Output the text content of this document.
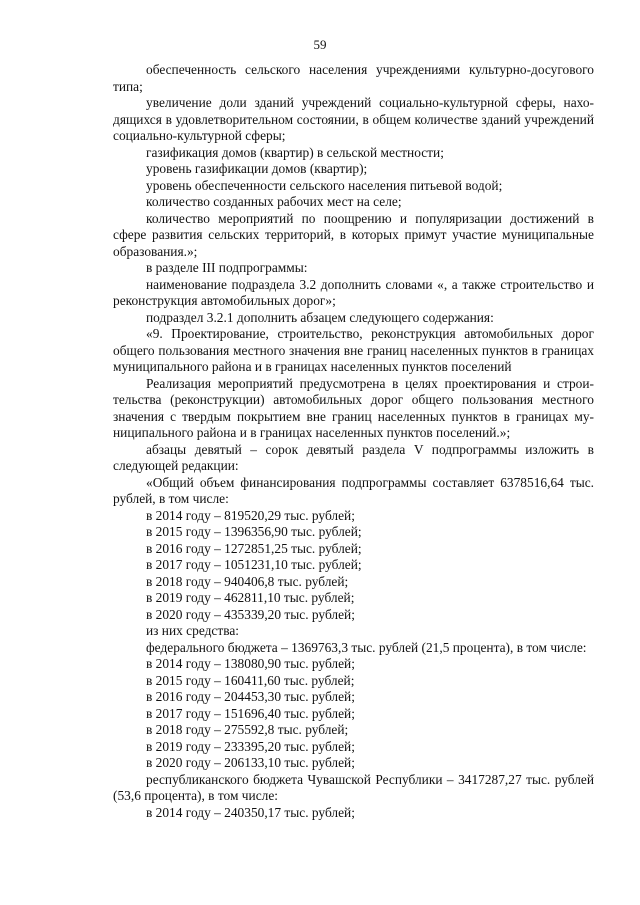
59

обеспеченность сельского населения учреждениями культурно-досугового типа;

увеличение доли зданий учреждений социально-культурной сферы, находящихся в удовлетворительном состоянии, в общем количестве зданий учреждений социально-культурной сферы;

газификация домов (квартир) в сельской местности;

уровень газификации домов (квартир);

уровень обеспеченности сельского населения питьевой водой;

количество созданных рабочих мест на селе;

количество мероприятий по поощрению и популяризации достижений в сфере развития сельских территорий, в которых примут участие муниципальные образования.»;

в разделе III подпрограммы:

наименование подраздела 3.2 дополнить словами «, а также строительство и реконструкция автомобильных дорог»;

подраздел 3.2.1 дополнить абзацем следующего содержания:

«9. Проектирование, строительство, реконструкция автомобильных дорог общего пользования местного значения вне границ населенных пунктов в границах муниципального района и в границах населенных пунктов поселений

Реализация мероприятий предусмотрена в целях проектирования и строительства (реконструкции) автомобильных дорог общего пользования местного значения с твердым покрытием вне границ населенных пунктов в границах муниципального района и в границах населенных пунктов поселений.»;

абзацы девятый – сорок девятый раздела V подпрограммы изложить в следующей редакции:

«Общий объем финансирования подпрограммы составляет 6378516,64 тыс. рублей, в том числе:

в 2014 году – 819520,29 тыс. рублей;

в 2015 году – 1396356,90 тыс. рублей;

в 2016 году – 1272851,25 тыс. рублей;

в 2017 году – 1051231,10 тыс. рублей;

в 2018 году – 940406,8 тыс. рублей;

в 2019 году – 462811,10 тыс. рублей;

в 2020 году – 435339,20 тыс. рублей;

из них средства:

федерального бюджета – 1369763,3 тыс. рублей (21,5 процента), в том числе:

в 2014 году – 138080,90 тыс. рублей;

в 2015 году – 160411,60 тыс. рублей;

в 2016 году – 204453,30 тыс. рублей;

в 2017 году – 151696,40 тыс. рублей;

в 2018 году – 275592,8 тыс. рублей;

в 2019 году – 233395,20 тыс. рублей;

в 2020 году – 206133,10 тыс. рублей;

республиканского бюджета Чувашской Республики – 3417287,27 тыс. рублей (53,6 процента), в том числе:

в 2014 году – 240350,17 тыс. рублей;
